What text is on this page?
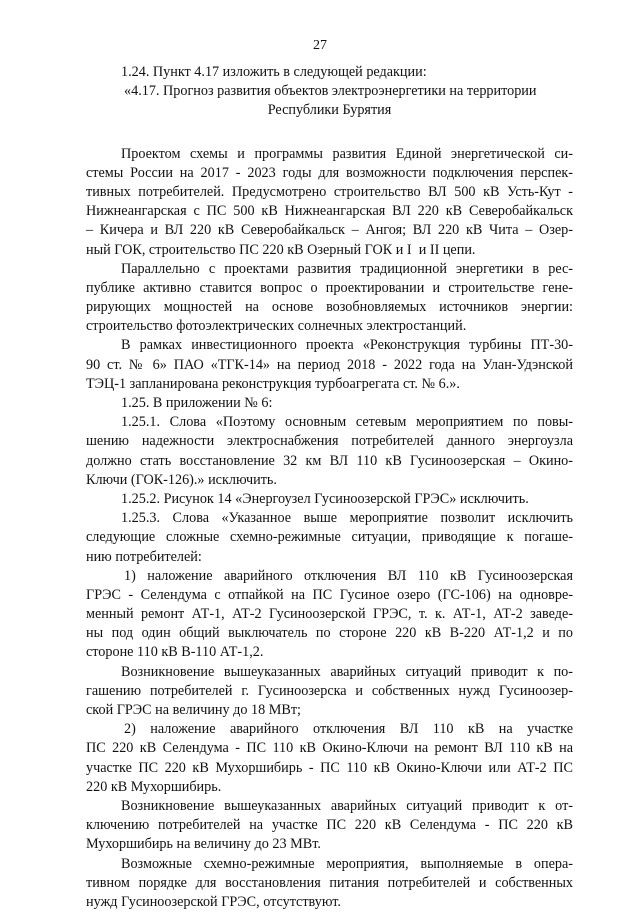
27
1.24. Пункт 4.17 изложить в следующей редакции:
«4.17. Прогноз развития объектов электроэнергетики на территории
Республики Бурятия
Проектом схемы и программы развития Единой энергетической си-
стемы России на 2017 - 2023 годы для возможности подключения перспек-
тивных потребителей. Предусмотрено строительство ВЛ 500 кВ Усть-Кут -
Нижнеангарская с ПС 500 кВ Нижнеангарская ВЛ 220 кВ Северобайкальск
– Кичера и ВЛ 220 кВ Северобайкальск – Ангоя; ВЛ 220 кВ Чита – Озер-
ный ГОК, строительство ПС 220 кВ Озерный ГОК и I  и II цепи.
Параллельно с проектами развития традиционной энергетики в рес-
публике активно ставится вопрос о проектировании и строительстве гене-
рирующих мощностей на основе возобновляемых источников энергии:
строительство фотоэлектрических солнечных электростанций.
В рамках инвестиционного проекта «Реконструкция турбины ПТ-30-
90 ст. № 6» ПАО «ТГК-14» на период 2018 - 2022 года на Улан-Удэнской
ТЭЦ-1 запланирована реконструкция турбоагрегата ст. № 6.».
1.25. В приложении № 6:
1.25.1. Слова «Поэтому основным сетевым мероприятием по повы-
шению надежности электроснабжения потребителей данного энергоузла
должно стать восстановление 32 км ВЛ 110 кВ Гусиноозерская – Окино-
Ключи (ГОК-126).» исключить.
1.25.2. Рисунок 14 «Энергоузел Гусиноозерской ГРЭС» исключить.
1.25.3. Слова «Указанное выше мероприятие позволит исключить
следующие сложные схемно-режимные ситуации, приводящие к погаше-
нию потребителей:
1) наложение аварийного отключения ВЛ 110 кВ Гусиноозерская
ГРЭС - Селендума с отпайкой на ПС Гусиное озеро (ГС-106) на одновре-
менный ремонт АТ-1, АТ-2 Гусиноозерской ГРЭС, т. к. АТ-1, АТ-2 заведе-
ны под один общий выключатель по стороне 220 кВ В-220 АТ-1,2 и по
стороне 110 кВ В-110 АТ-1,2.
Возникновение вышеуказанных аварийных ситуаций приводит к по-
гашению потребителей г. Гусиноозерска и собственных нужд Гусиноозер-
ской ГРЭС на величину до 18 МВт;
2) наложение аварийного отключения ВЛ 110 кВ на участке
ПС 220 кВ Селендума - ПС 110 кВ Окино-Ключи на ремонт ВЛ 110 кВ на
участке ПС 220 кВ Мухоршибирь - ПС 110 кВ Окино-Ключи или АТ-2 ПС
220 кВ Мухоршибирь.
Возникновение вышеуказанных аварийных ситуаций приводит к от-
ключению потребителей на участке ПС 220 кВ Селендума - ПС 220 кВ
Мухоршибирь на величину до 23 МВт.
Возможные схемно-режимные мероприятия, выполняемые в опера-
тивном порядке для восстановления питания потребителей и собственных
нужд Гусиноозерской ГРЭС, отсутствуют.
